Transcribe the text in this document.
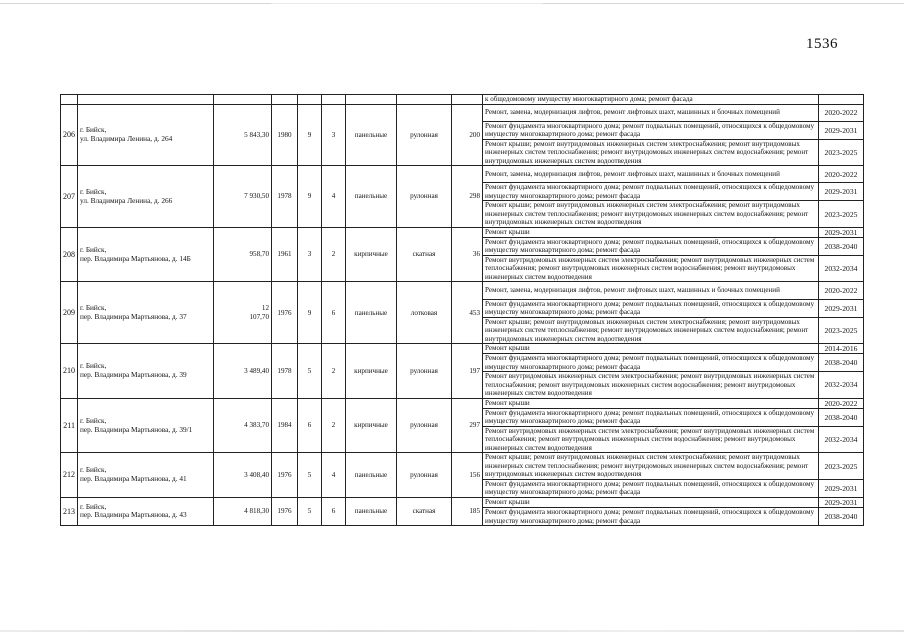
1536
									к общедомовому имуществу многоквартирного дома; ремонт фасада	
206	г. Бийск,
ул. Владимира Ленина, д. 264	5 843,30	1980	9	3	панельные	рулонная	200	Ремонт, замена, модернизация лифтов, ремонт лифтовых шахт, машинных и блочных помещений	2020-2022
									Ремонт фундамента многоквартирного дома; ремонт подвальных помещений, относящихся к общедомовому имуществу многоквартирного дома; ремонт фасада	2029-2031
									Ремонт крыши; ремонт внутридомовых инженерных систем электроснабжения; ремонт внутридомовых инженерных систем теплоснабжения; ремонт внутридомовых инженерных систем водоснабжения; ремонт внутридомовых инженерных систем водоотведения	2023-2025
207	г. Бийск,
ул. Владимира Ленина, д. 266	7 930,50	1978	9	4	панельные	рулонная	298	Ремонт, замена, модернизация лифтов, ремонт лифтовых шахт, машинных и блочных помещений	2020-2022
									Ремонт фундамента многоквартирного дома; ремонт подвальных помещений, относящихся к общедомовому имуществу многоквартирного дома; ремонт фасада	2029-2031
									Ремонт крыши; ремонт внутридомовых инженерных систем электроснабжения; ремонт внутридомовых инженерных систем теплоснабжения; ремонт внутридомовых инженерных систем водоснабжения; ремонт внутридомовых инженерных систем водоотведения	2023-2025
208	г. Бийск,
пер. Владимира Мартьянова, д. 14Б	958,70	1961	3	2	кирпичные	скатная	36	Ремонт крыши	2029-2031
									Ремонт фундамента многоквартирного дома; ремонт подвальных помещений, относящихся к общедомовому имуществу многоквартирного дома; ремонт фасада	2038-2040
									Ремонт внутридомовых инженерных систем электроснабжения; ремонт внутридомовых инженерных систем теплоснабжения; ремонт внутридомовых инженерных систем водоснабжения; ремонт внутридомовых инженерных систем водоотведения	2032-2034
209	г. Бийск,
пер. Владимира Мартьянова, д. 37	12
107,70	1976	9	6	панельные	лотковая	453	Ремонт, замена, модернизация лифтов, ремонт лифтовых шахт, машинных и блочных помещений	2020-2022
									Ремонт фундамента многоквартирного дома; ремонт подвальных помещений, относящихся к общедомовому имуществу многоквартирного дома; ремонт фасада	2029-2031
									Ремонт крыши; ремонт внутридомовых инженерных систем электроснабжения; ремонт внутридомовых инженерных систем теплоснабжения; ремонт внутридомовых инженерных систем водоснабжения; ремонт внутридомовых инженерных систем водоотведения	2023-2025
210	г. Бийск,
пер. Владимира Мартьянова, д. 39	3 489,40	1978	5	2	кирпичные	рулонная	197	Ремонт крыши	2014-2016
									Ремонт фундамента многоквартирного дома; ремонт подвальных помещений, относящихся к общедомовому имуществу многоквартирного дома; ремонт фасада	2038-2040
									Ремонт внутридомовых инженерных систем электроснабжения; ремонт внутридомовых инженерных систем теплоснабжения; ремонт внутридомовых инженерных систем водоснабжения; ремонт внутридомовых инженерных систем водоотведения	2032-2034
211	г. Бийск,
пер. Владимира Мартьянова, д. 39/1	4 383,70	1984	6	2	кирпичные	рулонная	297	Ремонт крыши	2020-2022
									Ремонт фундамента многоквартирного дома; ремонт подвальных помещений, относящихся к общедомовому имуществу многоквартирного дома; ремонт фасада	2038-2040
									Ремонт внутридомовых инженерных систем электроснабжения; ремонт внутридомовых инженерных систем теплоснабжения; ремонт внутридомовых инженерных систем водоснабжения; ремонт внутридомовых инженерных систем водоотведения	2032-2034
212	г. Бийск,
пер. Владимира Мартьянова, д. 41	3 408,40	1976	5	4	панельные	рулонная	156	Ремонт крыши; ремонт внутридомовых инженерных систем электроснабжения; ремонт внутридомовых инженерных систем теплоснабжения; ремонт внутридомовых инженерных систем водоснабжения; ремонт внутридомовых инженерных систем водоотведения	2023-2025
									Ремонт фундамента многоквартирного дома; ремонт подвальных помещений, относящихся к общедомовому имуществу многоквартирного дома; ремонт фасада	2029-2031
213	г. Бийск,
пер. Владимира Мартьянова, д. 43	4 818,30	1976	5	6	панельные	скатная	185	Ремонт крыши	2029-2031
									Ремонт фундамента многоквартирного дома; ремонт подвальных помещений, относящихся к общедомовому имуществу многоквартирного дома; ремонт фасада	2038-2040
